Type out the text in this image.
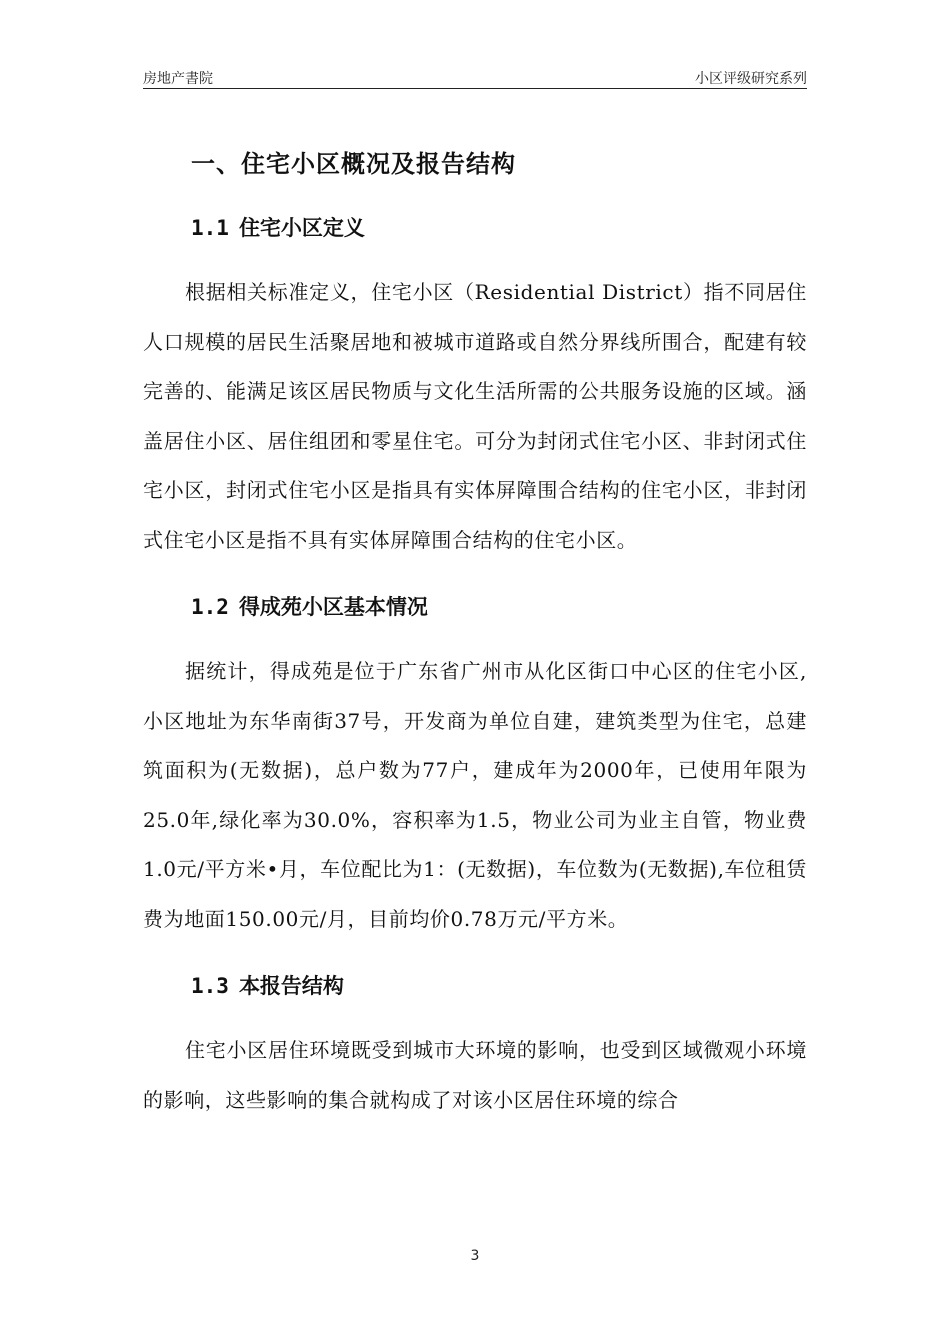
房地产書院	小区评级研究系列
一、住宅小区概况及报告结构
1.1 住宅小区定义

根据相关标准定义，住宅小区（Residential District）指不同居住人口规模的居民生活聚居地和被城市道路或自然分界线所围合，配建有较完善的、能满足该区居民物质与文化生活所需的公共服务设施的区域。涵盖居住小区、居住组团和零星住宅。可分为封闭式住宅小区、非封闭式住宅小区，封闭式住宅小区是指具有实体屏障围合结构的住宅小区，非封闭式住宅小区是指不具有实体屏障围合结构的住宅小区。

1.2 得成苑小区基本情况

据统计，得成苑是位于广东省广州市从化区街口中心区的住宅小区,小区地址为东华南街37号，开发商为单位自建，建筑类型为住宅，总建筑面积为(无数据)，总户数为77户，建成年为2000年，已使用年限为25.0年,绿化率为30.0%，容积率为1.5，物业公司为业主自管，物业费1.0元/平方米•月，车位配比为1：(无数据)，车位数为(无数据),车位租赁费为地面150.00元/月，目前均价0.78万元/平方米。

1.3 本报告结构

住宅小区居住环境既受到城市大环境的影响，也受到区域微观小环境的影响，这些影响的集合就构成了对该小区居住环境的综合

3
